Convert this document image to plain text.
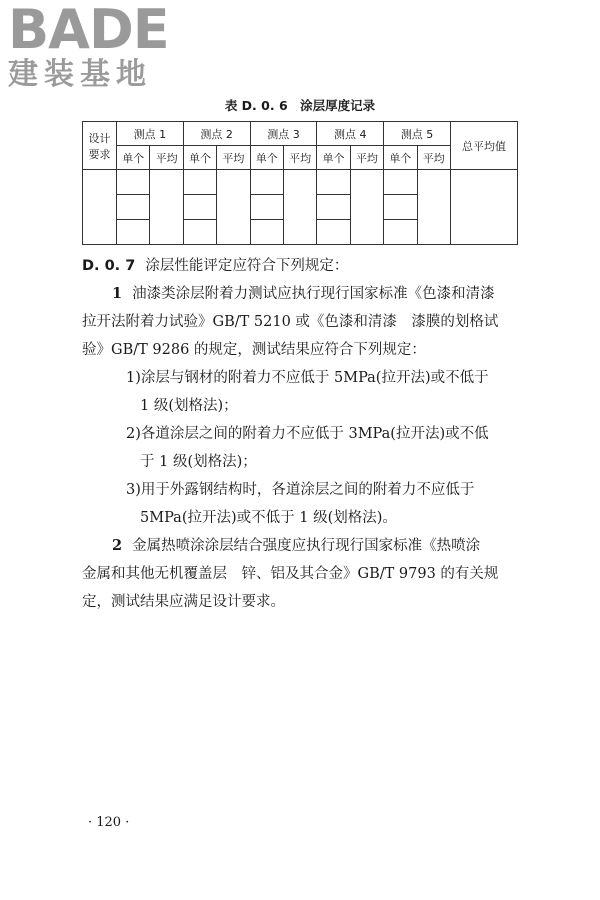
BADE
建装基地
表 D. 0. 6　涂层厚度记录
设计
要求	测点 1		测点 2		测点 3		测点 4		测点 5		总平均值
	单个	平均	单个	平均	单个	平均	单个	平均	单个	平均	

D. 0. 7 涂层性能评定应符合下列规定：
1 油漆类涂层附着力测试应执行现行国家标准《色漆和清漆
拉开法附着力试验》GB/T 5210 或《色漆和清漆　漆膜的划格试
验》GB/T 9286 的规定，测试结果应符合下列规定：
1)涂层与钢材的附着力不应低于 5MPa(拉开法)或不低于
1 级(划格法)；
2)各道涂层之间的附着力不应低于 3MPa(拉开法)或不低
于 1 级(划格法)；
3)用于外露钢结构时，各道涂层之间的附着力不应低于
5MPa(拉开法)或不低于 1 级(划格法)。
2 金属热喷涂涂层结合强度应执行现行国家标准《热喷涂
金属和其他无机覆盖层　锌、铝及其合金》GB/T 9793 的有关规
定，测试结果应满足设计要求。
· 120 ·
